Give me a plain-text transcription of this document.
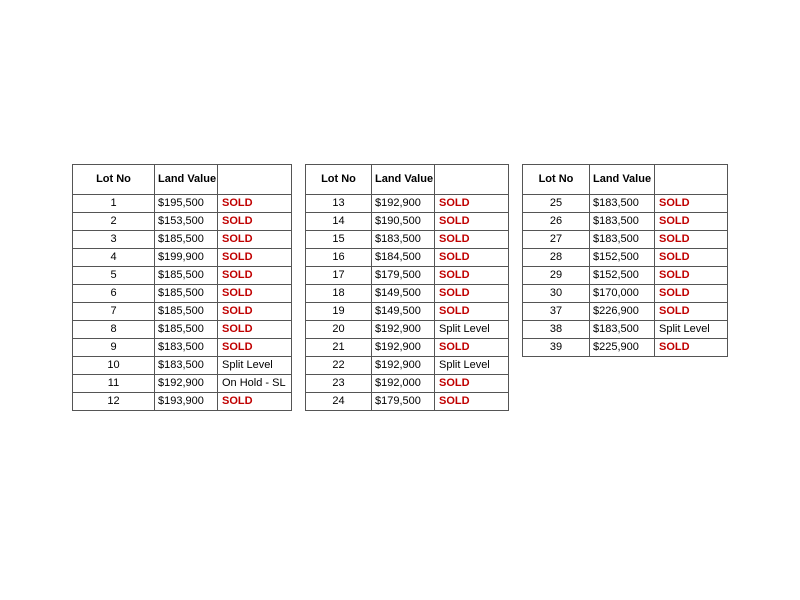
Lot No	Land Value	
1	$195,500	SOLD
2	$153,500	SOLD
3	$185,500	SOLD
4	$199,900	SOLD
5	$185,500	SOLD
6	$185,500	SOLD
7	$185,500	SOLD
8	$185,500	SOLD
9	$183,500	SOLD
10	$183,500	Split Level
11	$192,900	On Hold - SL
12	$193,900	SOLD
Lot No	Land Value	
13	$192,900	SOLD
14	$190,500	SOLD
15	$183,500	SOLD
16	$184,500	SOLD
17	$179,500	SOLD
18	$149,500	SOLD
19	$149,500	SOLD
20	$192,900	Split Level
21	$192,900	SOLD
22	$192,900	Split Level
23	$192,000	SOLD
24	$179,500	SOLD
Lot No	Land Value	
25	$183,500	SOLD
26	$183,500	SOLD
27	$183,500	SOLD
28	$152,500	SOLD
29	$152,500	SOLD
30	$170,000	SOLD
37	$226,900	SOLD
38	$183,500	Split Level
39	$225,900	SOLD
